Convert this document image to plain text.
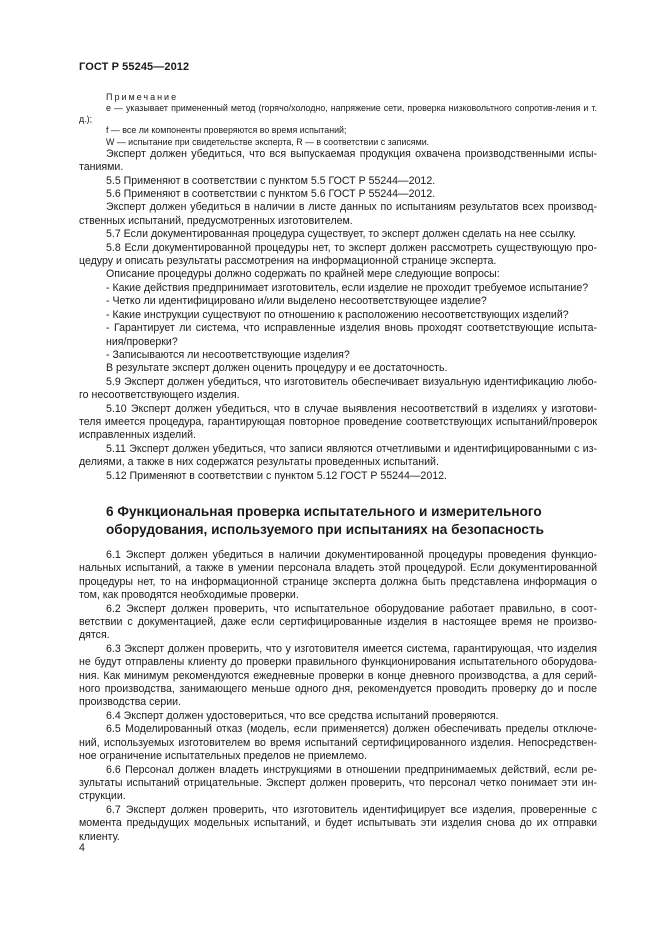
ГОСТ Р 55245—2012

Примечание

e — указывает примененный метод (горячо/холодно, напряжение сети, проверка низковольтного сопротив-ления и т. д.);

f — все ли компоненты проверяются во время испытаний;

W — испытание при свидетельстве эксперта, R — в соответствии с записями.

Эксперт должен убедиться, что вся выпускаемая продукция охвачена производственными испы-таниями.

5.5 Применяют в соответствии с пунктом 5.5 ГОСТ Р 55244—2012.

5.6 Применяют в соответствии с пунктом 5.6 ГОСТ Р 55244—2012.

Эксперт должен убедиться в наличии в листе данных по испытаниям результатов всех производ-ственных испытаний, предусмотренных изготовителем.

5.7 Если документированная процедура существует, то эксперт должен сделать на нее ссылку.

5.8 Если документированной процедуры нет, то эксперт должен рассмотреть существующую про-цедуру и описать результаты рассмотрения на информационной странице эксперта.

Описание процедуры должно содержать по крайней мере следующие вопросы:

- Какие действия предпринимает изготовитель, если изделие не проходит требуемое испытание?

- Четко ли идентифицировано и/или выделено несоответствующее изделие?

- Какие инструкции существуют по отношению к расположению несоответствующих изделий?

- Гарантирует ли система, что исправленные изделия вновь проходят соответствующие испыта-ния/проверки?

- Записываются ли несоответствующие изделия?

В результате эксперт должен оценить процедуру и ее достаточность.

5.9 Эксперт должен убедиться, что изготовитель обеспечивает визуальную идентификацию любо-го несоответствующего изделия.

5.10 Эксперт должен убедиться, что в случае выявления несоответствий в изделиях у изготови-теля имеется процедура, гарантирующая повторное проведение соответствующих испытаний/проверок исправленных изделий.

5.11 Эксперт должен убедиться, что записи являются отчетливыми и идентифицированными с из-делиями, а также в них содержатся результаты проведенных испытаний.

5.12 Применяют в соответствии с пунктом 5.12 ГОСТ Р 55244—2012.

6 Функциональная проверка испытательного и измерительного оборудования, используемого при испытаниях на безопасность

6.1 Эксперт должен убедиться в наличии документированной процедуры проведения функцио-нальных испытаний, а также в умении персонала владеть этой процедурой. Если документированной процедуры нет, то на информационной странице эксперта должна быть представлена информация о том, как проводятся необходимые проверки.

6.2 Эксперт должен проверить, что испытательное оборудование работает правильно, в соот-ветствии с документацией, даже если сертифицированные изделия в настоящее время не произво-дятся.

6.3 Эксперт должен проверить, что у изготовителя имеется система, гарантирующая, что изделия не будут отправлены клиенту до проверки правильного функционирования испытательного оборудова-ния. Как минимум рекомендуются ежедневные проверки в конце дневного производства, а для серий-ного производства, занимающего меньше одного дня, рекомендуется проводить проверку до и после производства серии.

6.4 Эксперт должен удостовериться, что все средства испытаний проверяются.

6.5 Моделированный отказ (модель, если применяется) должен обеспечивать пределы отключе-ний, используемых изготовителем во время испытаний сертифицированного изделия. Непосредствен-ное ограничение испытательных пределов не приемлемо.

6.6 Персонал должен владеть инструкциями в отношении предпринимаемых действий, если ре-зультаты испытаний отрицательные. Эксперт должен проверить, что персонал четко понимает эти ин-струкции.

6.7 Эксперт должен проверить, что изготовитель идентифицирует все изделия, проверенные с момента предыдущих модельных испытаний, и будет испытывать эти изделия снова до их отправки клиенту.

4
